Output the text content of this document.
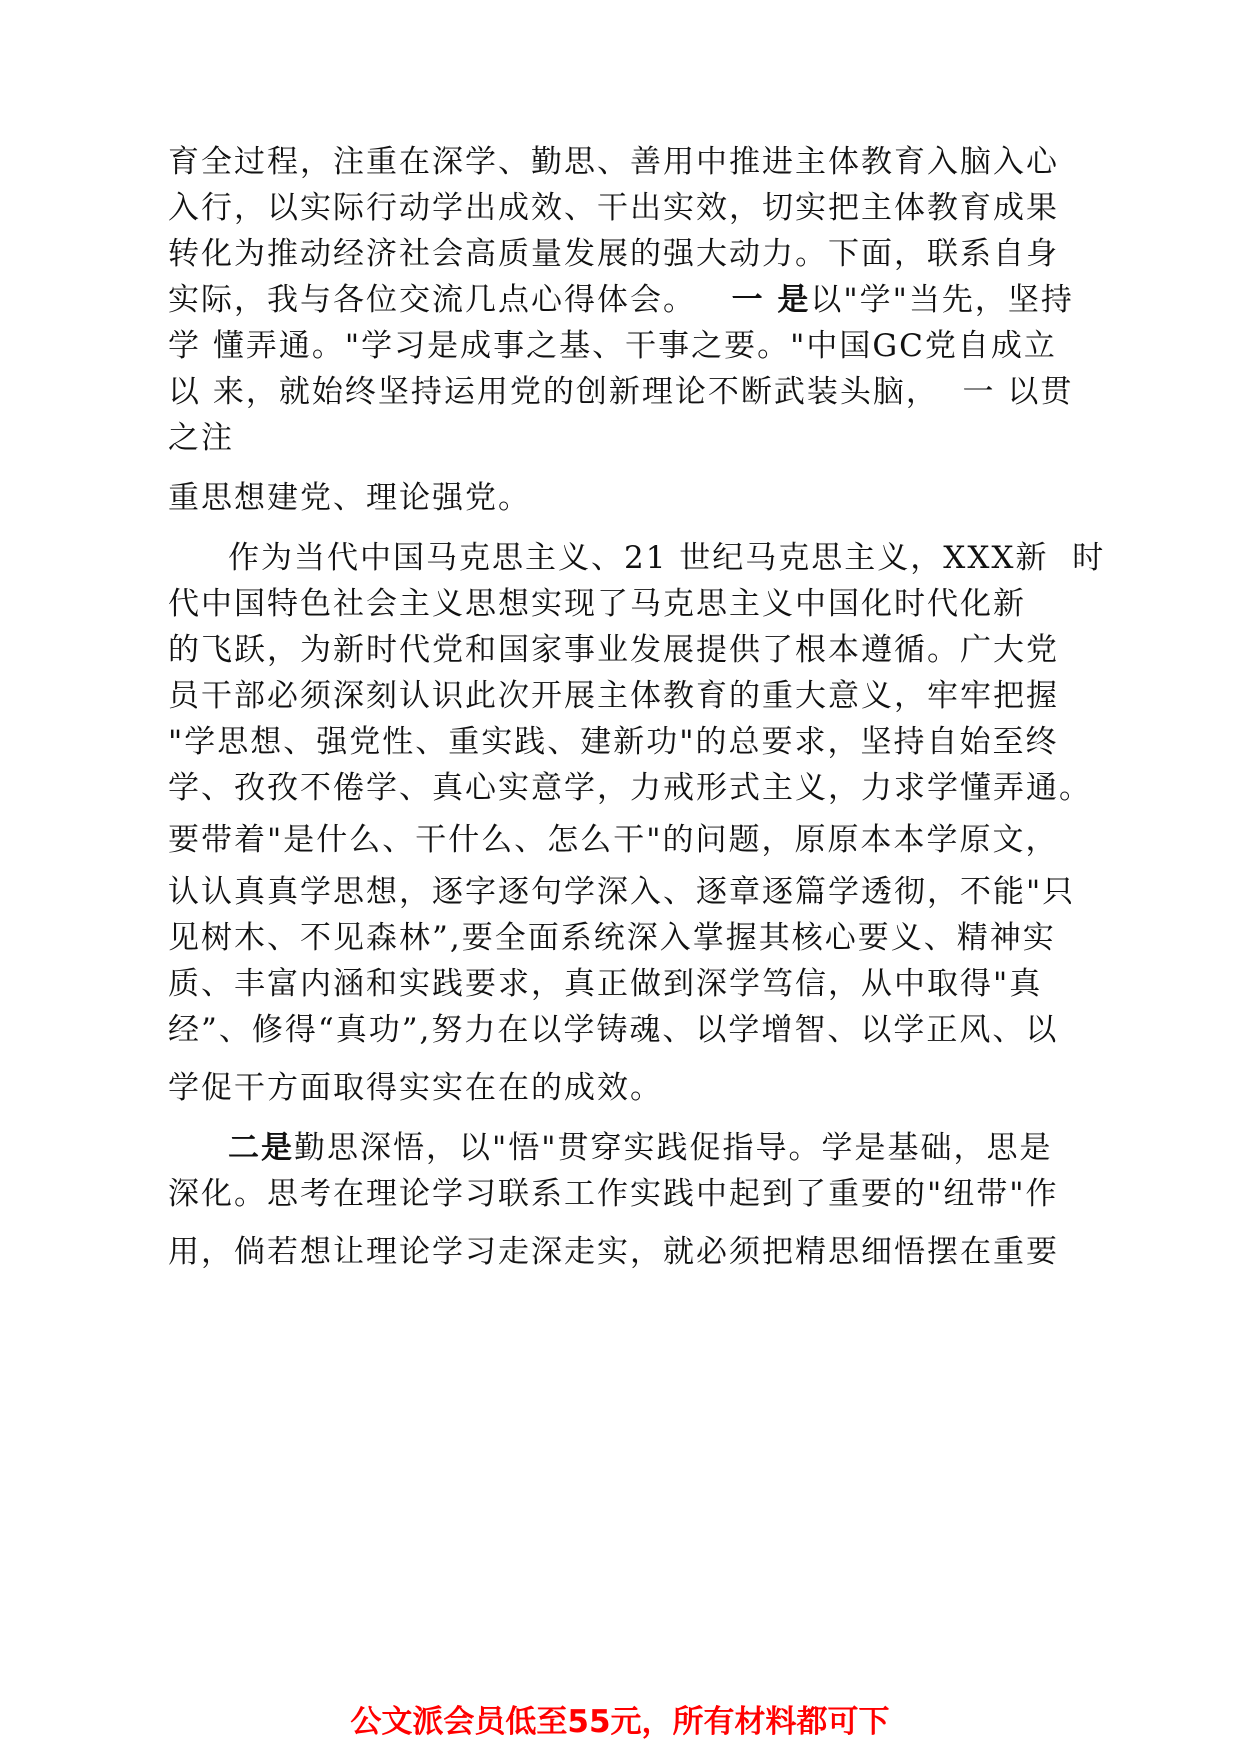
育全过程，注重在深学、勤思、善用中推进主体教育入脑入心
入行，以实际行动学出成效、干出实效，切实把主体教育成果
转化为推动经济社会高质量发展的强大动力。下面，联系自身
实际，我与各位交流几点心得体会。 一 是以"学"当先，坚持
学 懂弄通。"学习是成事之基、干事之要。"中国GC党自成立
以 来，就始终坚持运用党的创新理论不断武装头脑，  一 以贯
之注
重思想建党、理论强党。
作为当代中国马克思主义、21 世纪马克思主义，XXX新  时
代中国特色社会主义思想实现了马克思主义中国化时代化新
的飞跃，为新时代党和国家事业发展提供了根本遵循。广大党
员干部必须深刻认识此次开展主体教育的重大意义，牢牢把握
"学思想、强党性、重实践、建新功"的总要求，坚持自始至终
学、孜孜不倦学、真心实意学，力戒形式主义，力求学懂弄通。
要带着"是什么、干什么、怎么干"的问题，原原本本学原文，
认认真真学思想，逐字逐句学深入、逐章逐篇学透彻，不能"只
见树木、不见森林”,要全面系统深入掌握其核心要义、精神实
质、丰富内涵和实践要求，真正做到深学笃信，从中取得"真
经”、修得“真功”,努力在以学铸魂、以学增智、以学正风、以
学促干方面取得实实在在的成效。
二是勤思深悟，以"悟"贯穿实践促指导。学是基础，思是
深化。思考在理论学习联系工作实践中起到了重要的"纽带"作
用，倘若想让理论学习走深走实，就必须把精思细悟摆在重要
公文派会员低至55元，所有材料都可下
